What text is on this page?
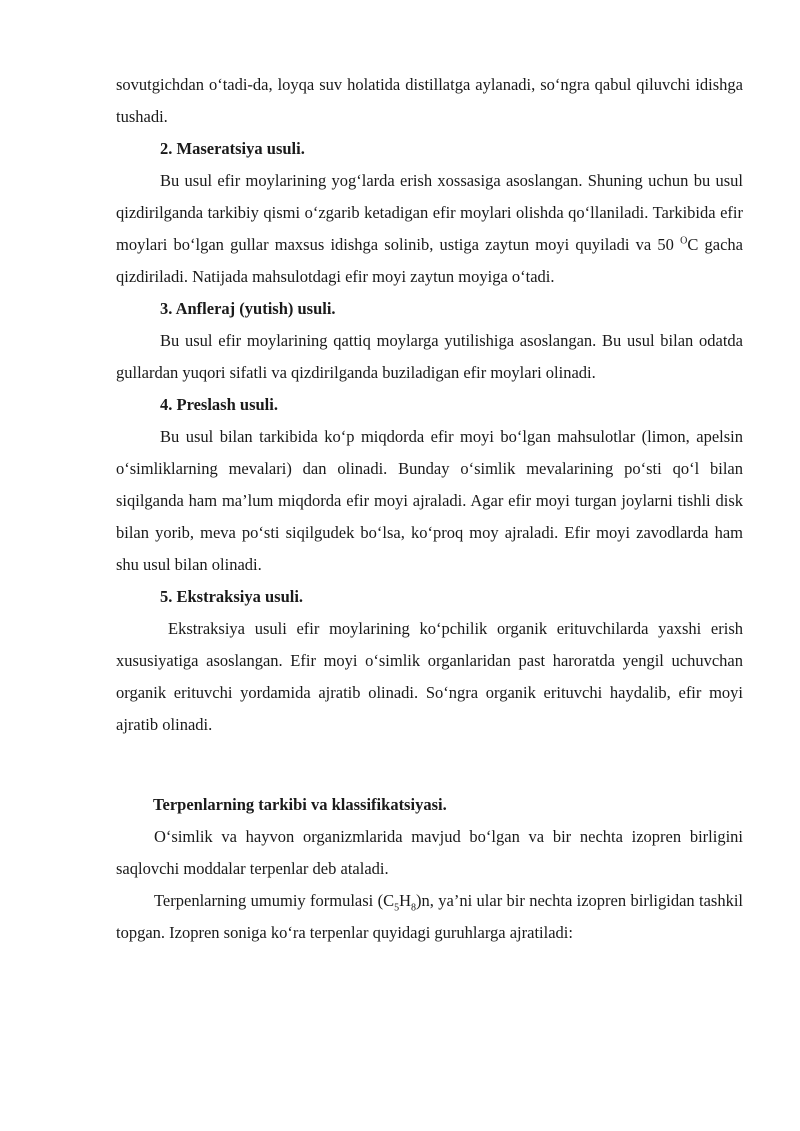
sovutgichdan o‘tadi-da, loyqa suv holatida distillatga aylanadi, so‘ngra qabul qiluvchi idishga tushadi.

2. Maseratsiya usuli.

Bu usul efir moylarining yog‘larda erish xossasiga asoslangan. Shuning uchun bu usul qizdirilganda tarkibiy qismi o‘zgarib ketadigan efir moylari olishda qo‘llaniladi. Tarkibida efir moylari bo‘lgan gullar maxsus idishga solinib, ustiga zaytun moyi quyiladi va 50 $^O$C gacha qizdiriladi. Natijada mahsulotdagi efir moyi zaytun moyiga o‘tadi.

3. Anfleraj (yutish) usuli.

Bu usul efir moylarining qattiq moylarga yutilishiga asoslangan. Bu usul bilan odatda gullardan yuqori sifatli va qizdirilganda buziladigan efir moylari olinadi.

4. Preslash usuli.

Bu usul bilan tarkibida ko‘p miqdorda efir moyi bo‘lgan mahsulotlar (limon, apelsin o‘simliklarning mevalari) dan olinadi. Bunday o‘simlik mevalarining po‘sti qo‘l bilan siqilganda ham ma’lum miqdorda efir moyi ajraladi. Agar efir moyi turgan joylarni tishli disk bilan yorib, meva po‘sti siqilgudek bo‘lsa, ko‘proq moy ajraladi. Efir moyi zavodlarda ham shu usul bilan olinadi.

5. Ekstraksiya usuli.

Ekstraksiya usuli efir moylarining ko‘pchilik organik erituvchilarda yaxshi erish xususiyatiga asoslangan. Efir moyi o‘simlik organlaridan past haroratda yengil uchuvchan organik erituvchi yordamida ajratib olinadi. So‘ngra organik erituvchi haydalib, efir moyi ajratib olinadi.

Terpenlarning tarkibi va klassifikatsiyasi.

O‘simlik va hayvon organizmlarida mavjud bo‘lgan va bir nechta izopren birligini saqlovchi moddalar terpenlar deb ataladi.

Terpenlarning umumiy formulasi $(C_5H_8)n$, ya’ni ular bir nechta izopren birligidan tashkil topgan. Izopren soniga ko‘ra terpenlar quyidagi guruhlarga ajratiladi:
